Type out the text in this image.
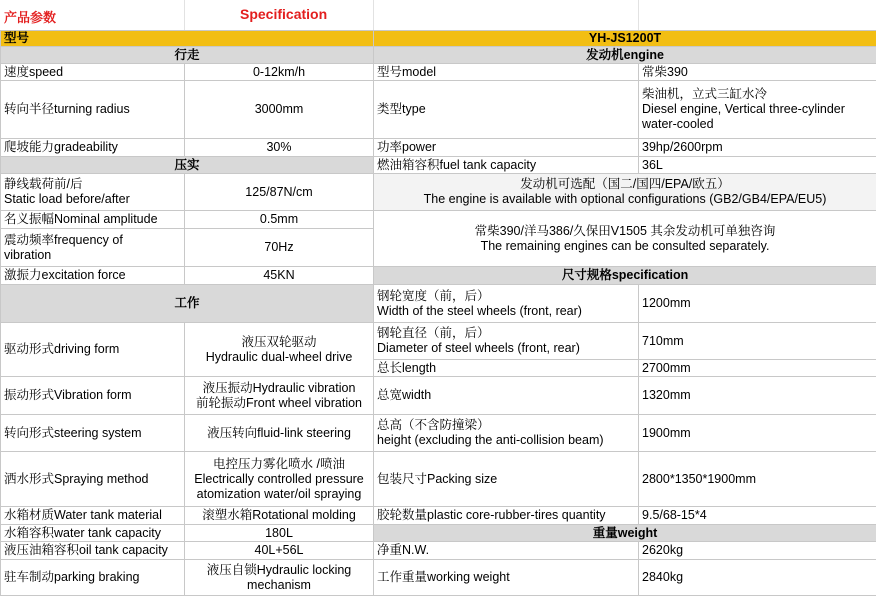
产品参数	Specification
型号		YH-JS1200T	
行走		发动机engine	
速度speed	0-12km/h	型号model	常柴390
转向半径turning radius	3000mm	类型type	柴油机，立式三缸水冷
Diesel engine, Vertical three-cylinder
water-cooled

爬坡能力gradeability	30%	功率power	39hp/2600rpm
压实		燃油箱容积fuel tank capacity	36L

静线载荷前/后
Static load before/after	125/87N/cm	发动机可选配（国二/国四/EPA/欧五）
The engine is available with optional configurations (GB2/GB4/EPA/EU5)	

名义振幅Nominal amplitude	0.5mm	常柴390/洋马386/久保田V1505 其余发动机可单独咨询
The remaining engines can be consulted separately.	

震动频率frequency of
vibration	70Hz		
激振力excitation force	45KN	尺寸规格specification	
工作		钢轮宽度（前，后）
Width of the steel wheels (front, rear)	1200mm
驱动形式driving form	液压双轮驱动
Hydraulic dual-wheel drive	钢轮直径（前，后）
Diameter of steel wheels (front, rear)	710mm
		总长length	2700mm
振动形式Vibration form	液压振动Hydraulic vibration
前轮振动Front wheel vibration	总宽width	1320mm
转向形式steering system	液压转向fluid-link steering	总高（不含防撞梁）
height (excluding the anti-collision beam)	1900mm
洒水形式Spraying method	电控压力雾化喷水 /喷油
Electrically controlled pressure
atomization water/oil spraying	包装尺寸Packing size	2800*1350*1900mm
水箱材质Water tank material	滚塑水箱Rotational molding	胶轮数量plastic core-rubber-tires quantity	9.5/68-15*4
水箱容积water tank capacity	180L	重量weight	
液压油箱容积oil tank capacity	40L+56L	净重N.W.	2620kg
驻车制动parking braking	液压自锁Hydraulic locking
mechanism	工作重量working weight	2840kg
